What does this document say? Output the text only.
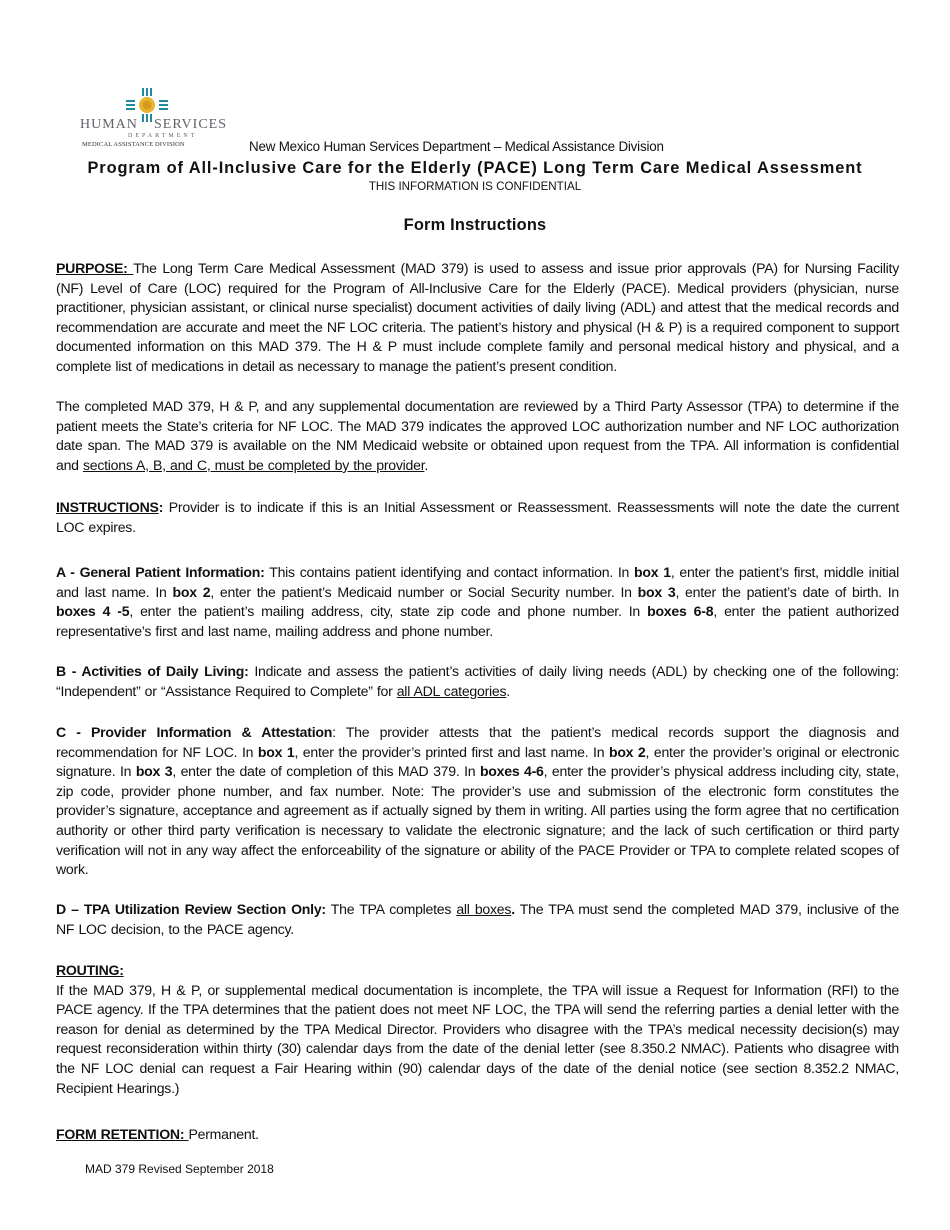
HUMAN SERVICES
DEPARTMENT
MEDICAL ASSISTANCE DIVISION	New Mexico Human Services Department – Medical Assistance Division
Program of All-Inclusive Care for the Elderly (PACE) Long Term Care Medical Assessment
THIS INFORMATION IS CONFIDENTIAL
Form Instructions

PURPOSE: The Long Term Care Medical Assessment (MAD 379) is used to assess and issue prior approvals (PA) for Nursing Facility (NF) Level of Care (LOC) required for the Program of All-Inclusive Care for the Elderly (PACE). Medical providers (physician, nurse practitioner, physician assistant, or clinical nurse specialist) document activities of daily living (ADL) and attest that the medical records and recommendation are accurate and meet the NF LOC criteria. The patient’s history and physical (H & P) is a required component to support documented information on this MAD 379. The H & P must include complete family and personal medical history and physical, and a complete list of medications in detail as necessary to manage the patient’s present condition.

The completed MAD 379, H & P, and any supplemental documentation are reviewed by a Third Party Assessor (TPA) to determine if the patient meets the State’s criteria for NF LOC. The MAD 379 indicates the approved LOC authorization number and NF LOC authorization date span. The MAD 379 is available on the NM Medicaid website or obtained upon request from the TPA. All information is confidential and sections A, B, and C, must be completed by the provider.

INSTRUCTIONS: Provider is to indicate if this is an Initial Assessment or Reassessment. Reassessments will note the date the current LOC expires.

A - General Patient Information: This contains patient identifying and contact information. In box 1, enter the patient’s first, middle initial and last name. In box 2, enter the patient’s Medicaid number or Social Security number. In box 3, enter the patient’s date of birth. In boxes 4 -5, enter the patient’s mailing address, city, state zip code and phone number. In boxes 6-8, enter the patient authorized representative’s first and last name, mailing address and phone number.

B - Activities of Daily Living: Indicate and assess the patient’s activities of daily living needs (ADL) by checking one of the following: “Independent” or “Assistance Required to Complete” for all ADL categories.

C - Provider Information & Attestation: The provider attests that the patient’s medical records support the diagnosis and recommendation for NF LOC. In box 1, enter the provider’s printed first and last name. In box 2, enter the provider’s original or electronic signature. In box 3, enter the date of completion of this MAD 379. In boxes 4-6, enter the provider’s physical address including city, state, zip code, provider phone number, and fax number. Note: The provider’s use and submission of the electronic form constitutes the provider’s signature, acceptance and agreement as if actually signed by them in writing. All parties using the form agree that no certification authority or other third party verification is necessary to validate the electronic signature; and the lack of such certification or third party verification will not in any way affect the enforceability of the signature or ability of the PACE Provider or TPA to complete related scopes of work.

D – TPA Utilization Review Section Only: The TPA completes all boxes. The TPA must send the completed MAD 379, inclusive of the NF LOC decision, to the PACE agency.

ROUTING:
If the MAD 379, H & P, or supplemental medical documentation is incomplete, the TPA will issue a Request for Information (RFI) to the PACE agency. If the TPA determines that the patient does not meet NF LOC, the TPA will send the referring parties a denial letter with the reason for denial as determined by the TPA Medical Director. Providers who disagree with the TPA’s medical necessity decision(s) may request reconsideration within thirty (30) calendar days from the date of the denial letter (see 8.350.2 NMAC). Patients who disagree with the NF LOC denial can request a Fair Hearing within (90) calendar days of the date of the denial notice (see section 8.352.2 NMAC, Recipient Hearings.)

FORM RETENTION: Permanent.

MAD 379 Revised September 2018
